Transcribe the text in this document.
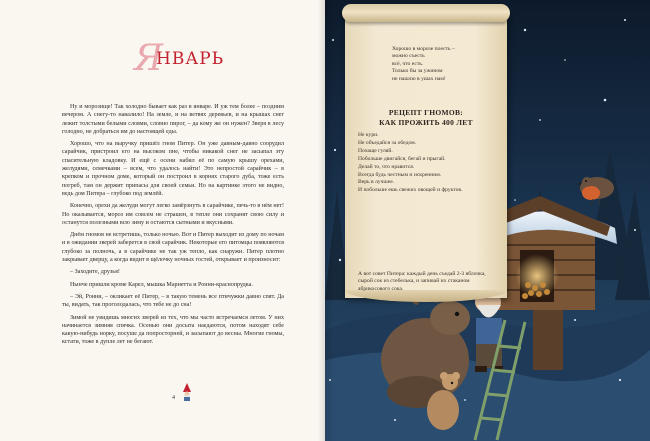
Я
НВАРЬ

Ну и морозище! Так холодно бывает как раз в январе. И уж тем более – поздним вечером. А снегу-то навалило! На земле, и на ветвях деревьев, и на крышах снег лежит толстыми белыми слоями, словно пирог, – да кому же он нужен? Зверя в лесу голодно, не добраться им до настоящей еды.

Хорошо, что на выручку пришёл гном Питер. Он уже давным-давно соорудил сарайчик, пристроил его на высоком пне, чтобы никакой снег не засыпал эту спасительную кладовку. И ещё с осени набил её по самую крышу орехами, желудями, семечками – всем, что удалось найти! Это непростой сарайчик – в крепком и прочном доме, который он построил в корнях старого дуба, тоже есть погреб, там он держит припасы для своей семьи. Но на картинке этого не видно, ведь дом Питера – глубоко под землёй.

Конечно, орехи да желуди могут легко замёрзнуть в сарайчике, печь-то в нём нет! Но оказывается, мороз им совсем не страшен, в тепле они сохранят свою силу и останутся полезными всю зиму и остаются сытными и вкусными.

Днём гномов не встретишь, только ночью. Вот и Питер выходит из дому по ночам и в ожидании зверей заберется в свой сарайчик. Некоторые его питомцы появляются глубоко за полночь, а в сарайчике не так уж тепло, как снаружи. Питер плотно закрывает дверцу, а когда видит в щёлочку ночных гостей, открывает и произносит:

– Заходите, друзья!

Нынче пришли кроме Карел, мышка Марнетта и Ронни-краснопрудка.

– Эй, Ронни, – окликает её Питер, – в такую темень все птичужки давно спят. Да ты, видать, так проголодалась, что тебе не до сна!

Зимой не увидишь многих зверей из тех, что мы часто встречаемся летом. У них начинается зимняя спячка. Осенью они досыта наедаются, потом находят себе какую-нибудь норку, посуше да попросторней, и засыпают до весны. Многие гномы, кстати, тоже в дупле лет не бегают.

4
Хорошо в морозе поесть –
можно съесть
всё, что есть.
Только бы за ужином
не нашлю в ушах нам!
РЕЦЕПТ ГНОМОВ:
КАК ПРОЖИТЬ 400 ЛЕТ
Не кури.
Не объедайся за обедом.
Почаще гуляй.
Побольше двигайся, бегай и прыгай.
Делай то, что нравится.
Всегда будь честным и искренним.
Верь в лучшее.
И побольше ешь свежих овощей и фруктов.
А вот совет Питера: каждый день съедай 2-3 яблочка, сырой сок из стебелька, и запивай их стаканом абрикосового сока.
